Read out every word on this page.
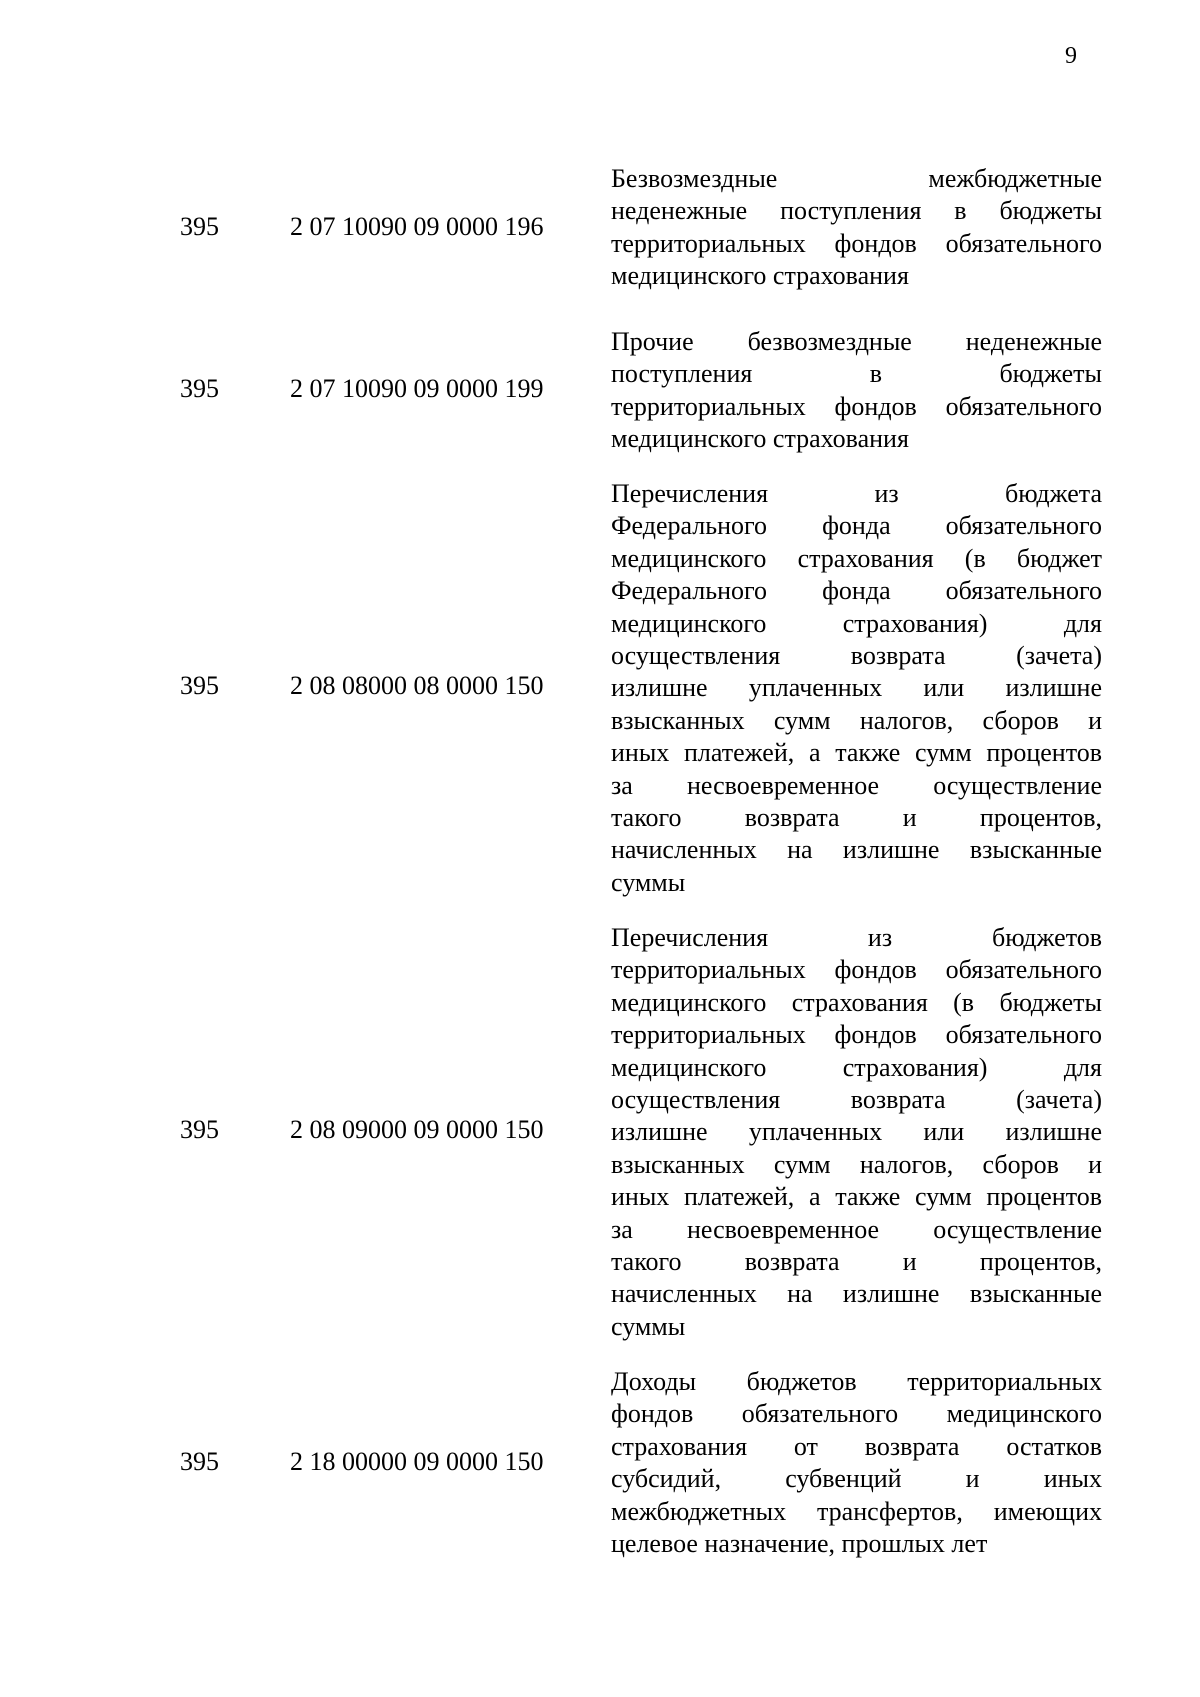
9
395	2 07 10090 09 0000 196
Безвозмездные межбюджетные
неденежные поступления в бюджеты
территориальных фондов обязательного
медицинского страхования
395	2 07 10090 09 0000 199
Прочие безвозмездные неденежные
поступления в бюджеты
территориальных фондов обязательного
медицинского страхования
395	2 08 08000 08 0000 150
Перечисления из бюджета
Федерального фонда обязательного
медицинского страхования (в бюджет
Федерального фонда обязательного
медицинского страхования) для
осуществления возврата (зачета)
излишне уплаченных или излишне
взысканных сумм налогов, сборов и
иных платежей, а также сумм процентов
за несвоевременное осуществление
такого возврата и процентов,
начисленных на излишне взысканные
суммы
395	2 08 09000 09 0000 150
Перечисления из бюджетов
территориальных фондов обязательного
медицинского страхования (в бюджеты
территориальных фондов обязательного
медицинского страхования) для
осуществления возврата (зачета)
излишне уплаченных или излишне
взысканных сумм налогов, сборов и
иных платежей, а также сумм процентов
за несвоевременное осуществление
такого возврата и процентов,
начисленных на излишне взысканные
суммы
395	2 18 00000 09 0000 150
Доходы бюджетов территориальных
фондов обязательного медицинского
страхования от возврата остатков
субсидий, субвенций и иных
межбюджетных трансфертов, имеющих
целевое назначение, прошлых лет
